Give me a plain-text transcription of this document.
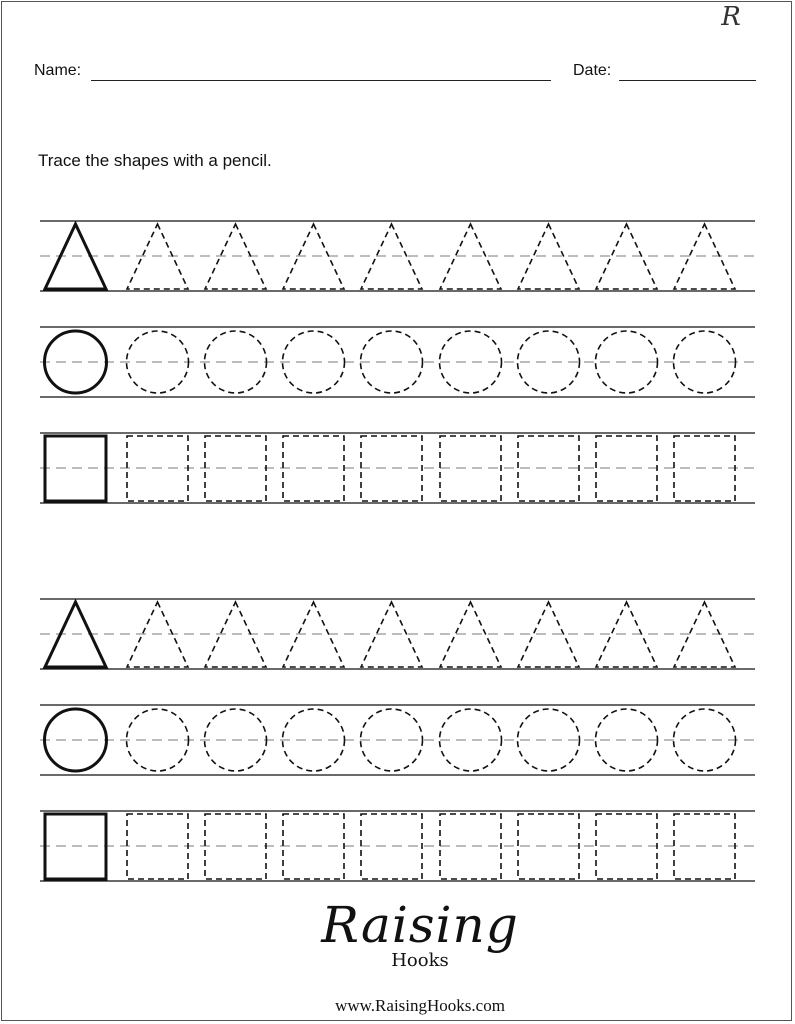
R
Name:	Date:
Trace the shapes with a pencil.
Raising
Hooks
www.RaisingHooks.com
